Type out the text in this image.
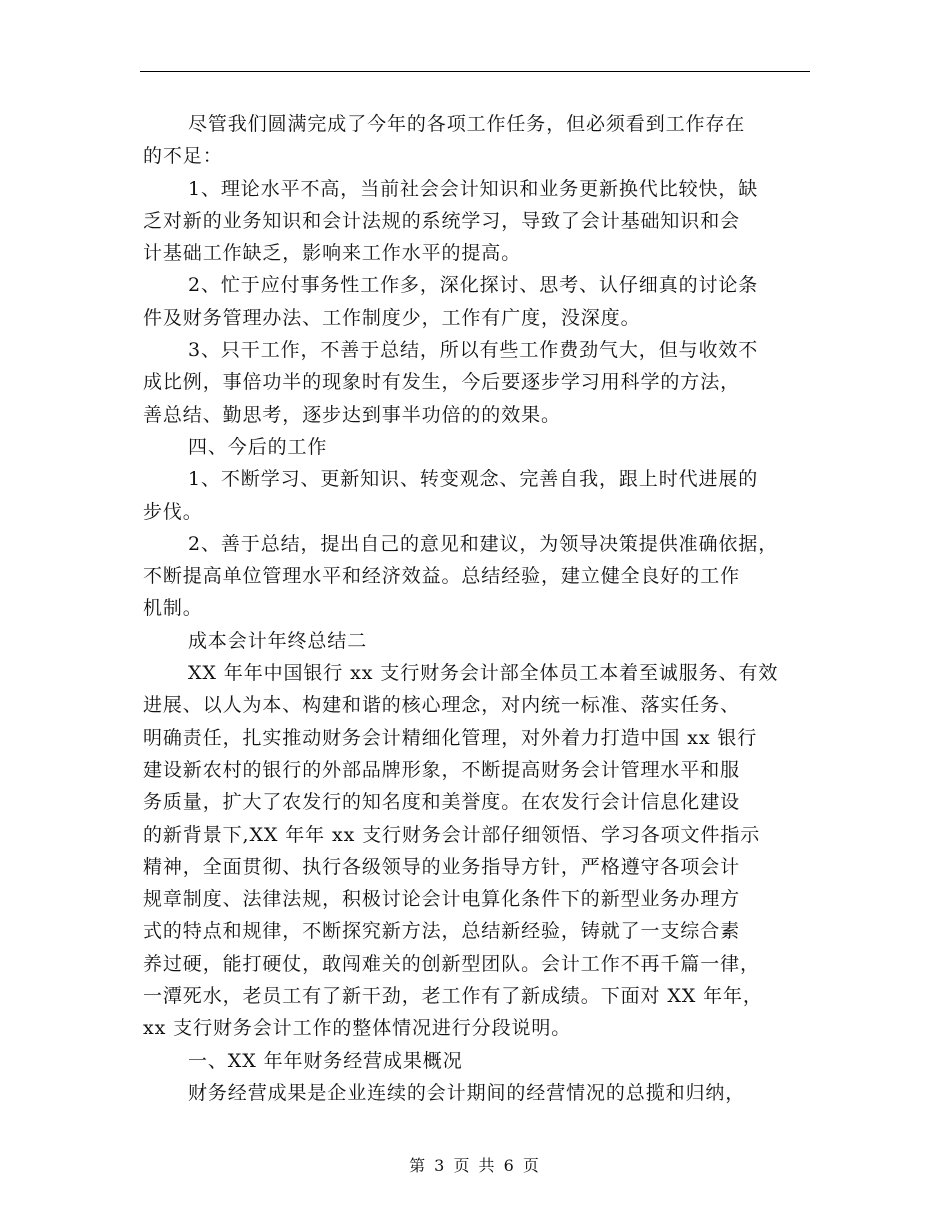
尽管我们圆满完成了今年的各项工作任务，但必须看到工作存在
的不足：
1、理论水平不高，当前社会会计知识和业务更新换代比较快，缺
乏对新的业务知识和会计法规的系统学习，导致了会计基础知识和会
计基础工作缺乏，影响来工作水平的提高。
2、忙于应付事务性工作多，深化探讨、思考、认仔细真的讨论条
件及财务管理办法、工作制度少，工作有广度，没深度。
3、只干工作，不善于总结，所以有些工作费劲气大，但与收效不
成比例，事倍功半的现象时有发生，今后要逐步学习用科学的方法，
善总结、勤思考，逐步达到事半功倍的的效果。
四、今后的工作
1、不断学习、更新知识、转变观念、完善自我，跟上时代进展的
步伐。
2、善于总结，提出自己的意见和建议，为领导决策提供准确依据，
不断提高单位管理水平和经济效益。总结经验，建立健全良好的工作
机制。
成本会计年终总结二
XX 年年中国银行 xx 支行财务会计部全体员工本着至诚服务、有效
进展、以人为本、构建和谐的核心理念，对内统一标准、落实任务、
明确责任，扎实推动财务会计精细化管理，对外着力打造中国 xx 银行
建设新农村的银行的外部品牌形象，不断提高财务会计管理水平和服
务质量，扩大了农发行的知名度和美誉度。在农发行会计信息化建设
的新背景下,XX 年年 xx 支行财务会计部仔细领悟、学习各项文件指示
精神，全面贯彻、执行各级领导的业务指导方针，严格遵守各项会计
规章制度、法律法规，积极讨论会计电算化条件下的新型业务办理方
式的特点和规律，不断探究新方法，总结新经验，铸就了一支综合素
养过硬，能打硬仗，敢闯难关的创新型团队。会计工作不再千篇一律，
一潭死水，老员工有了新干劲，老工作有了新成绩。下面对 XX 年年，
xx 支行财务会计工作的整体情况进行分段说明。
一、XX 年年财务经营成果概况
财务经营成果是企业连续的会计期间的经营情况的总揽和归纳，
第 3 页 共 6 页
